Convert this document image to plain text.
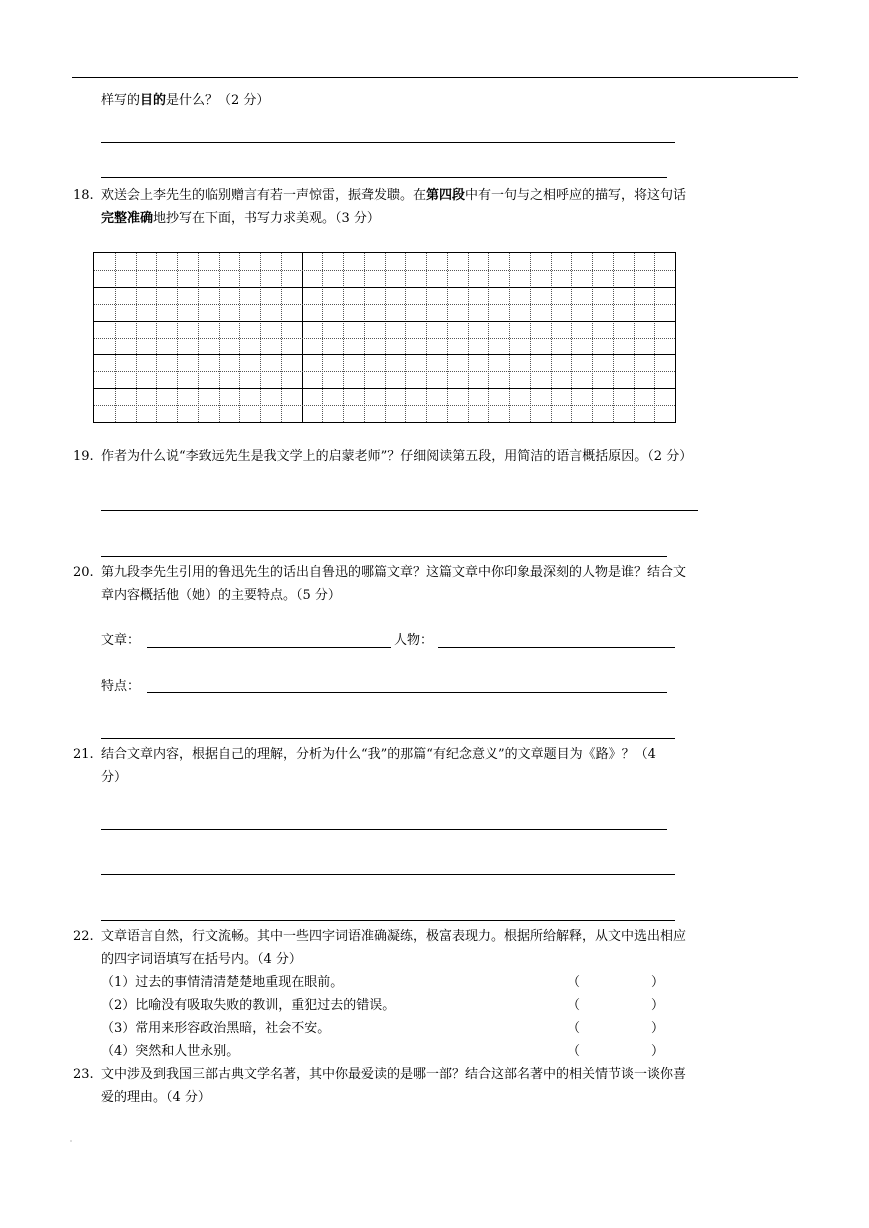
样写的目的是什么？（2 分）
18. 欢送会上李先生的临别赠言有若一声惊雷，振聋发聩。在第四段中有一句与之相呼应的描写，将这句话
完整准确地抄写在下面，书写力求美观。（3 分）
19. 作者为什么说“李致远先生是我文学上的启蒙老师”？仔细阅读第五段，用简洁的语言概括原因。（2 分）
20. 第九段李先生引用的鲁迅先生的话出自鲁迅的哪篇文章？这篇文章中你印象最深刻的人物是谁？结合文
章内容概括他（她）的主要特点。（5 分）
文章：	人物：
特点：
21. 结合文章内容，根据自己的理解，分析为什么“我”的那篇“有纪念意义”的文章题目为《路》？（4
分）
22. 文章语言自然，行文流畅。其中一些四字词语准确凝练，极富表现力。根据所给解释，从文中选出相应
的四字词语填写在括号内。（4 分）
（1）过去的事情清清楚楚地重现在眼前。	（	）
（2）比喻没有吸取失败的教训，重犯过去的错误。	（	）
（3）常用来形容政治黑暗，社会不安。	（	）
（4）突然和人世永别。	（	）
23. 文中涉及到我国三部古典文学名著，其中你最爱读的是哪一部？结合这部名著中的相关情节谈一谈你喜
爱的理由。（4 分）
